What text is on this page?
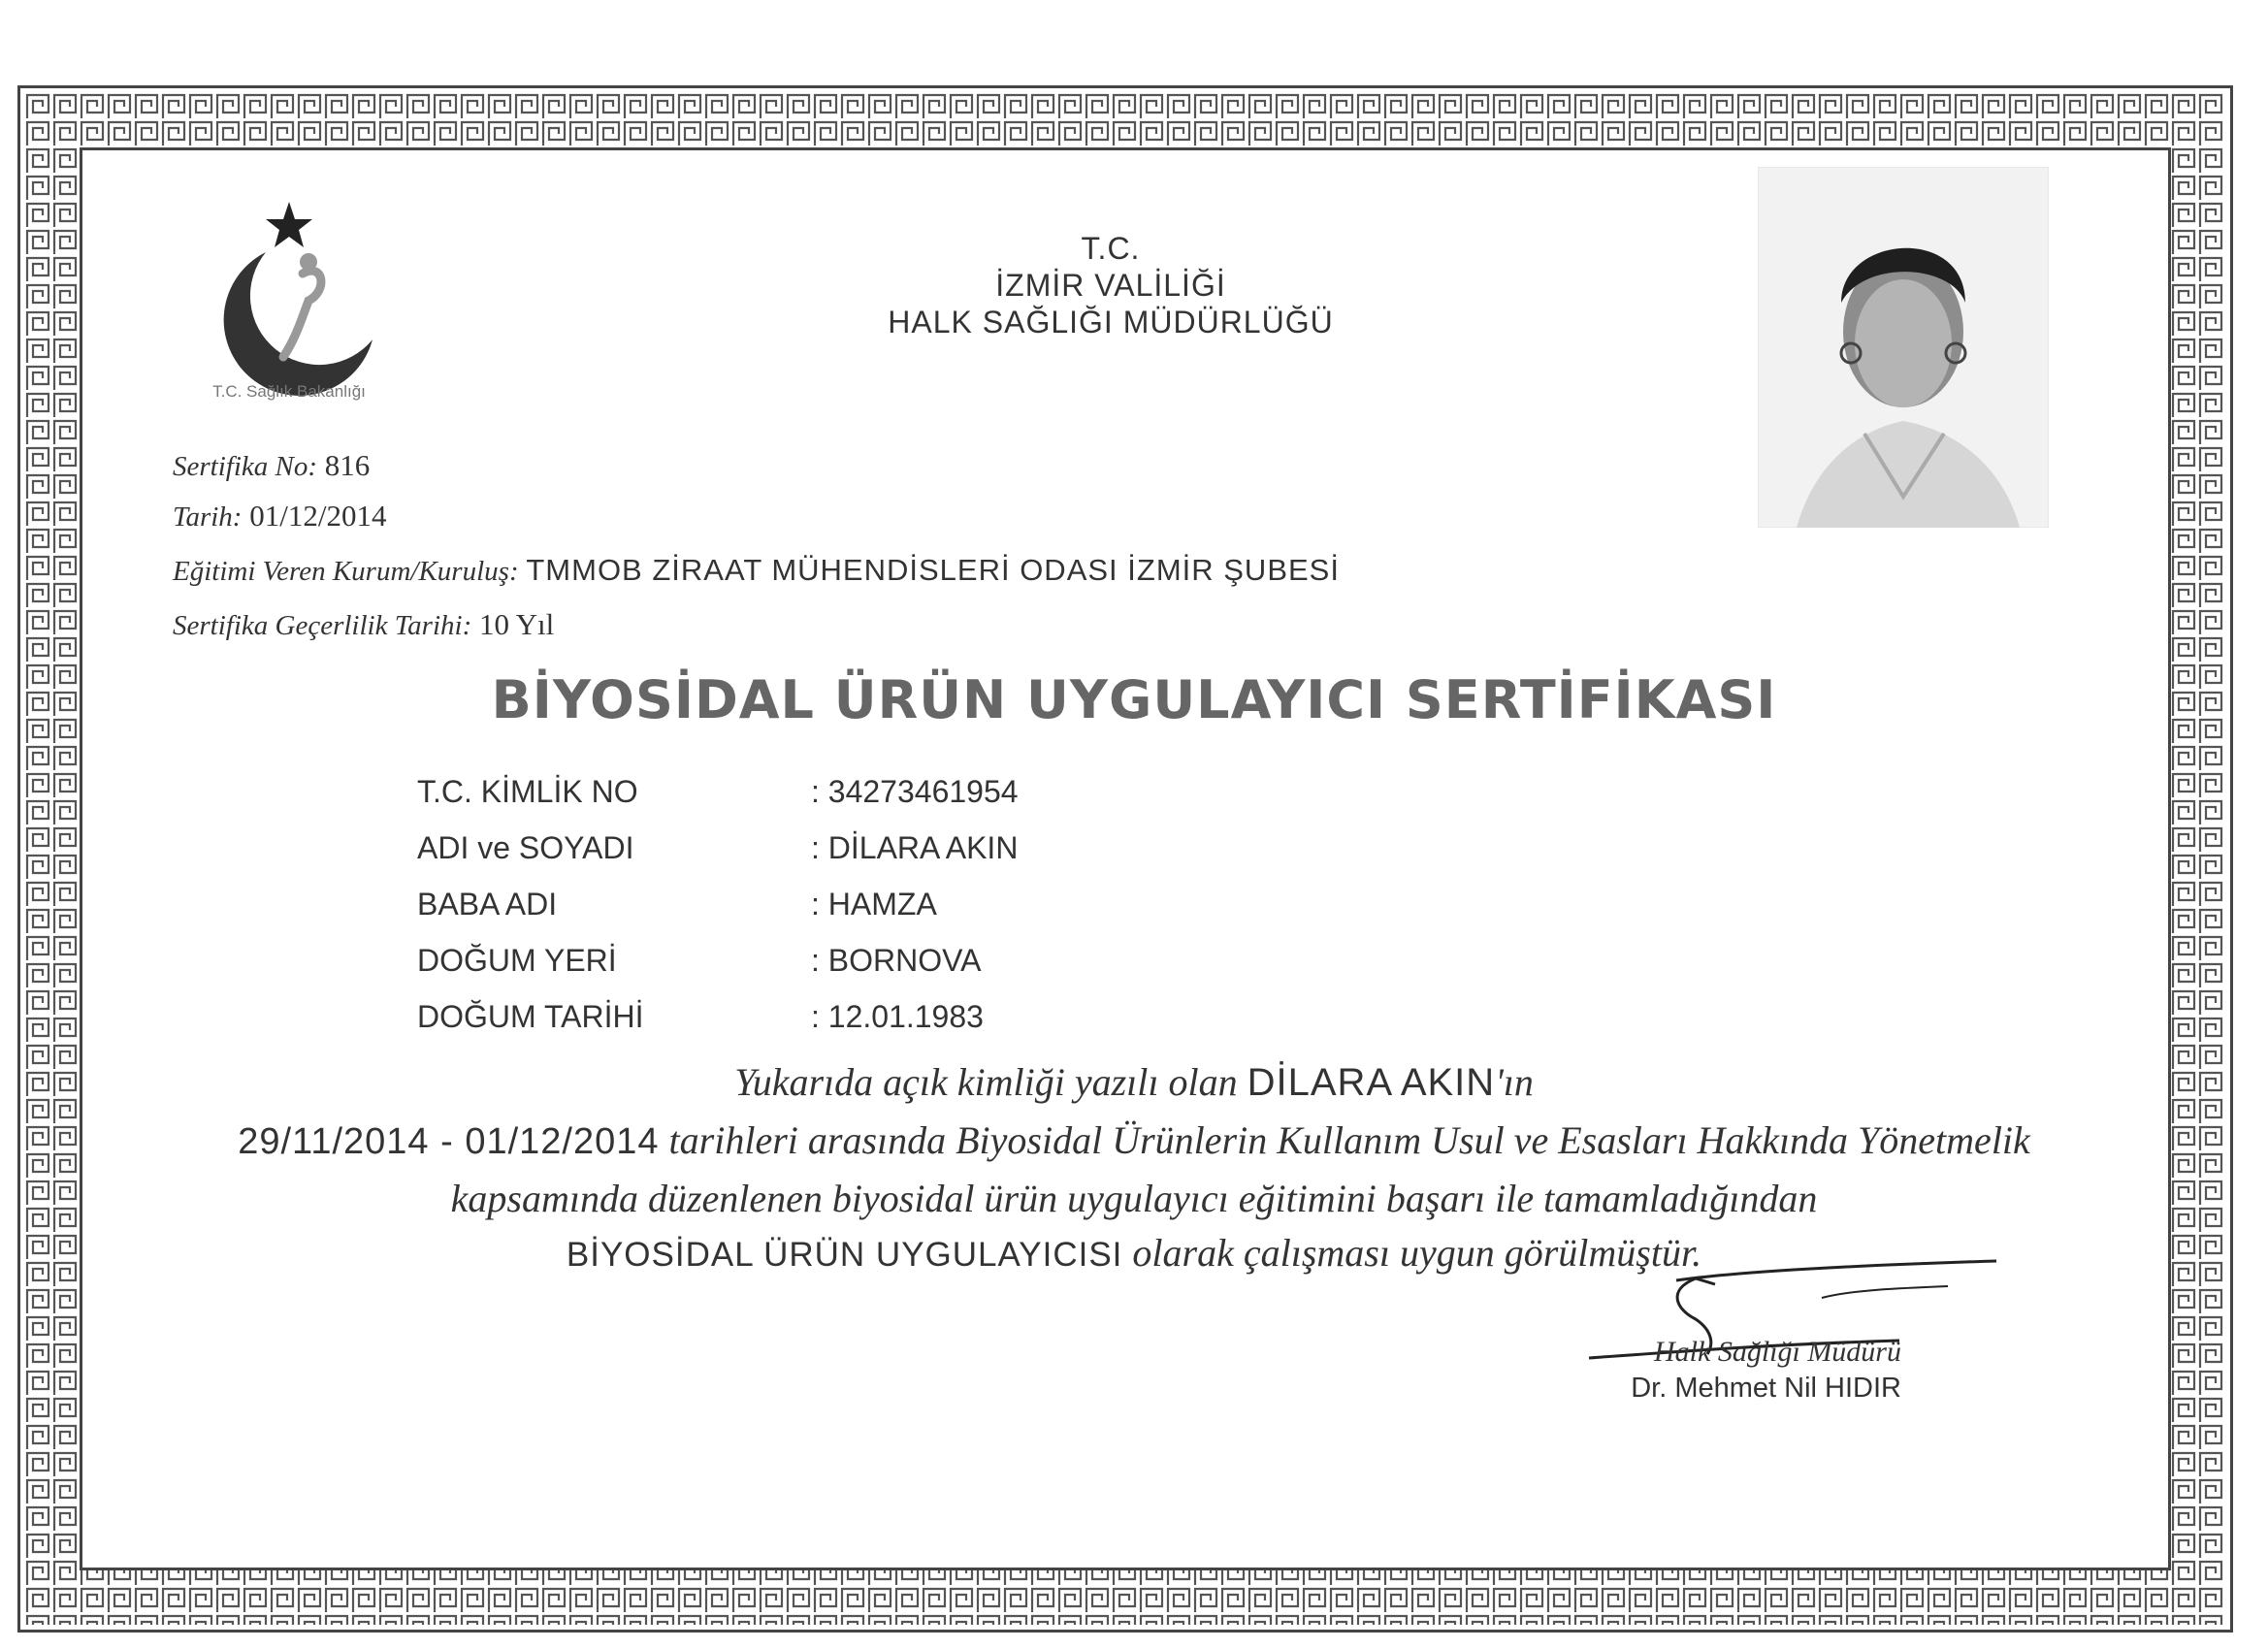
T.C. Sağlık Bakanlığı
T.C.
İZMİR VALİLİĞİ
HALK SAĞLIĞI MÜDÜRLÜĞÜ
Sertifika No: 816
Tarih: 01/12/2014
Eğitimi Veren Kurum/Kuruluş: TMMOB ZİRAAT MÜHENDİSLERİ ODASI İZMİR ŞUBESİ
Sertifika Geçerlilik Tarihi: 10 Yıl
BİYOSİDAL ÜRÜN UYGULAYICI SERTİFİKASI
T.C. KİMLİK NO	: 34273461954
ADI ve SOYADI	: DİLARA AKIN
BABA ADI	: HAMZA
DOĞUM YERİ	: BORNOVA
DOĞUM TARİHİ	: 12.01.1983
Yukarıda açık kimliği yazılı olan DİLARA AKIN'ın
29/11/2014 - 01/12/2014 tarihleri arasında Biyosidal Ürünlerin Kullanım Usul ve Esasları Hakkında Yönetmelik
kapsamında düzenlenen biyosidal ürün uygulayıcı eğitimini başarı ile tamamladığından
BİYOSİDAL ÜRÜN UYGULAYICISI olarak çalışması uygun görülmüştür.
Halk Sağlığı Müdürü
Dr. Mehmet Nil HIDIR
